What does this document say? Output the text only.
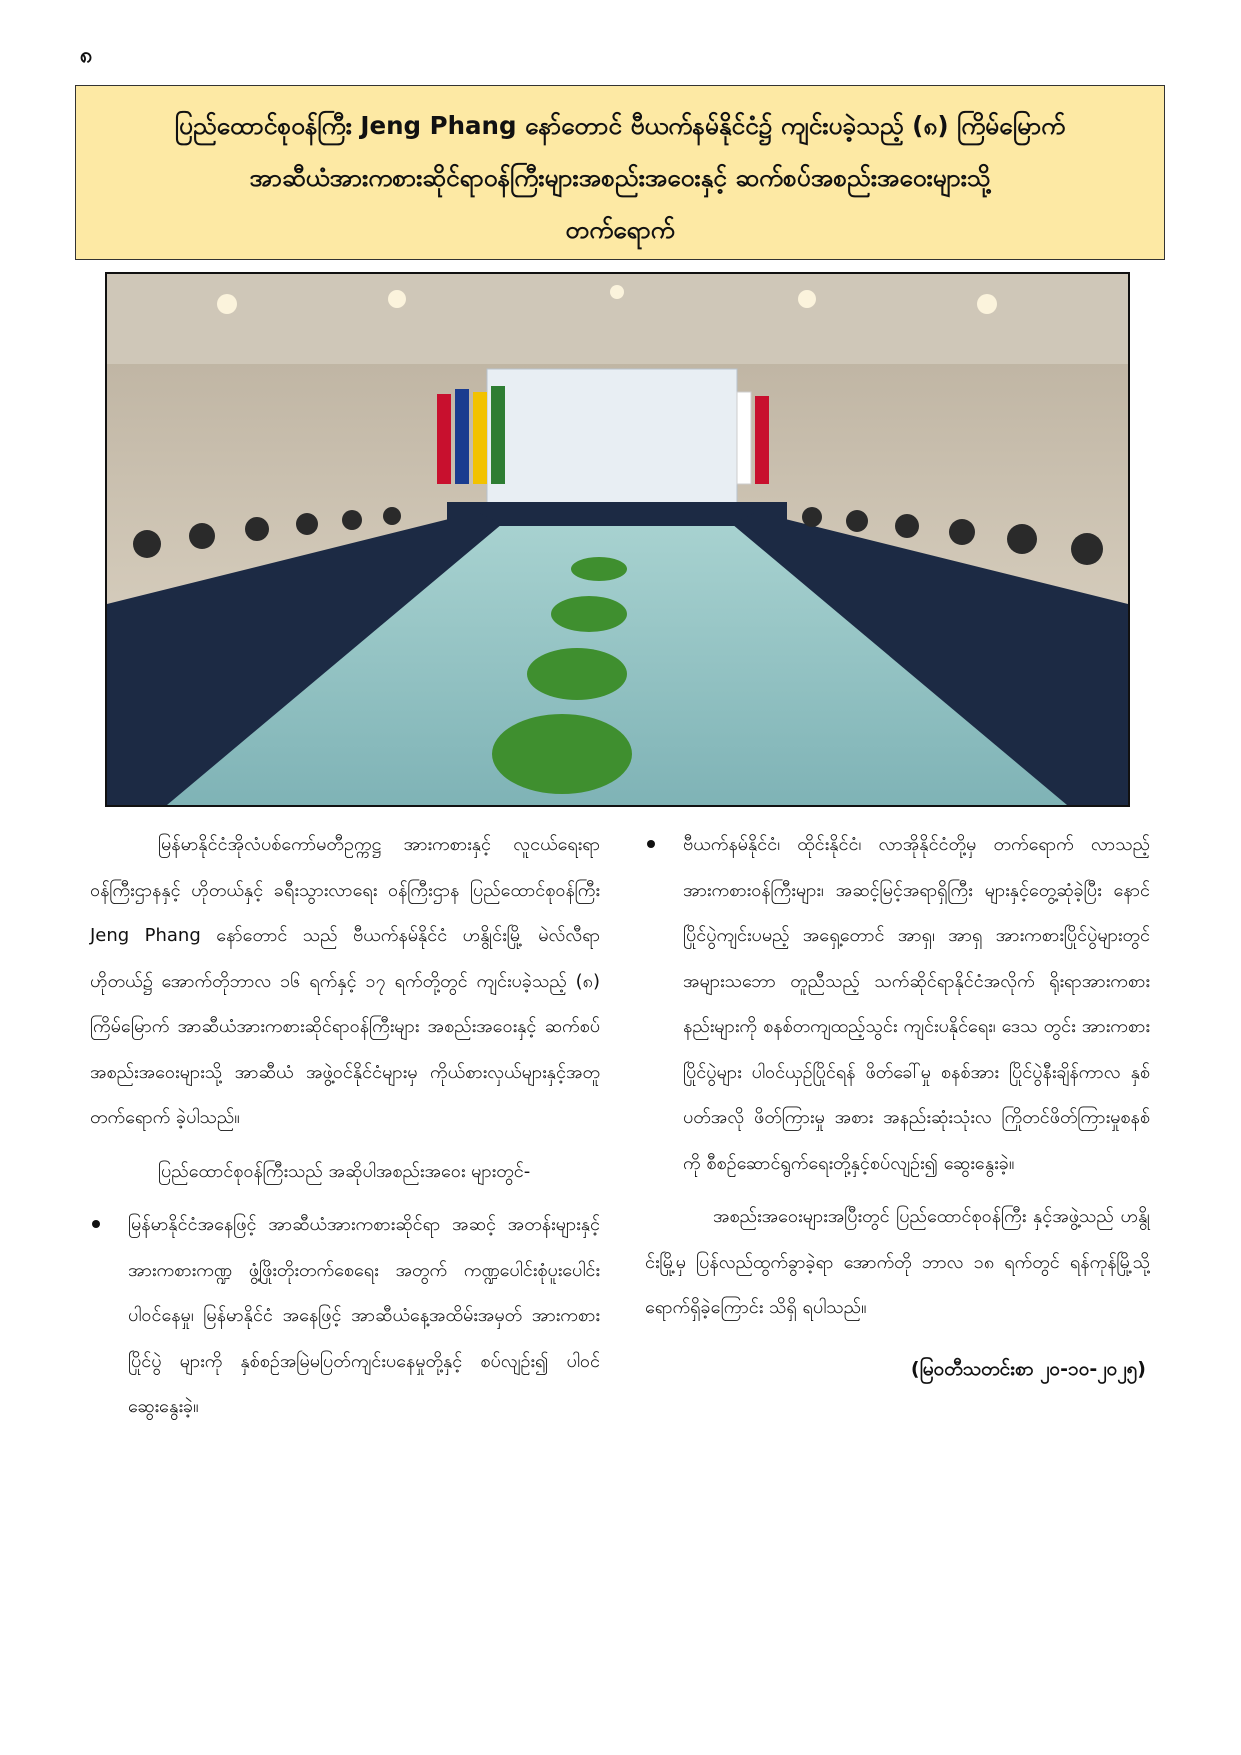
၈
ပြည်ထောင်စုဝန်ကြီး Jeng Phang နော်တောင် ဗီယက်နမ်နိုင်ငံ၌ ကျင်းပခဲ့သည့် (၈) ကြိမ်မြောက်
အာဆီယံအားကစားဆိုင်ရာဝန်ကြီးများအစည်းအဝေးနှင့် ဆက်စပ်အစည်းအဝေးများသို့
တက်ရောက်

မြန်မာနိုင်ငံအိုလံပစ်ကော်မတီဥက္ကဋ္ဌ အားကစားနှင့် လူငယ်ရေးရာဝန်ကြီးဌာနနှင့် ဟိုတယ်နှင့် ခရီးသွားလာရေး ဝန်ကြီးဌာန ပြည်ထောင်စုဝန်ကြီး Jeng Phang နော်တောင် သည် ဗီယက်နမ်နိုင်ငံ ဟနွိုင်းမြို့ မဲလ်လီရာဟိုတယ်၌ အောက်တိုဘာလ ၁၆ ရက်နှင့် ၁၇ ရက်တို့တွင် ကျင်းပခဲ့သည့် (၈) ကြိမ်မြောက် အာဆီယံအားကစားဆိုင်ရာဝန်ကြီးများ အစည်းအဝေးနှင့် ဆက်စပ်အစည်းအဝေးများသို့ အာဆီယံ အဖွဲ့ဝင်နိုင်ငံများမှ ကိုယ်စားလှယ်များနှင့်အတူ တက်ရောက် ခဲ့ပါသည်။

ပြည်ထောင်စုဝန်ကြီးသည် အဆိုပါအစည်းအဝေး များတွင်-

မြန်မာနိုင်ငံအနေဖြင့် အာဆီယံအားကစားဆိုင်ရာ အဆင့် အတန်းများနှင့် အားကစားကဏ္ဍ ဖွံ့ဖြိုးတိုးတက်စေရေး အတွက် ကဏ္ဍပေါင်းစုံပူးပေါင်းပါဝင်နေမှု၊ မြန်မာနိုင်ငံ အနေဖြင့် အာဆီယံနေ့အထိမ်းအမှတ် အားကစားပြိုင်ပွဲ များကို နှစ်စဉ်အမြဲမပြတ်ကျင်းပနေမှုတို့နှင့် စပ်လျဉ်း၍ ပါဝင်ဆွေးနွေးခဲ့။
ဗီယက်နမ်နိုင်ငံ၊ ထိုင်းနိုင်ငံ၊ လာအိုနိုင်ငံတို့မှ တက်ရောက် လာသည့် အားကစားဝန်ကြီးများ၊ အဆင့်မြင့်အရာရှိကြီး များနှင့်တွေ့ဆုံခဲ့ပြီး နောင်ပြိုင်ပွဲကျင်းပမည့် အရှေ့တောင် အာရှ၊ အာရှ အားကစားပြိုင်ပွဲများတွင် အများသဘော တူညီသည့် သက်ဆိုင်ရာနိုင်ငံအလိုက် ရိုးရာအားကစား နည်းများကို စနစ်တကျထည့်သွင်း ကျင်းပနိုင်ရေး၊ ဒေသ တွင်း အားကစားပြိုင်ပွဲများ ပါဝင်ယှဉ်ပြိုင်ရန် ဖိတ်ခေါ်မှု စနစ်အား ပြိုင်ပွဲနီးချိန်ကာလ နှစ်ပတ်အလို ဖိတ်ကြားမှု အစား အနည်းဆုံးသုံးလ ကြိုတင်ဖိတ်ကြားမှုစနစ်ကို စီစဉ်ဆောင်ရွက်ရေးတို့နှင့်စပ်လျဉ်း၍ ဆွေးနွေးခဲ့။

အစည်းအဝေးများအပြီးတွင် ပြည်ထောင်စုဝန်ကြီး နှင့်အဖွဲ့သည် ဟနွိုင်းမြို့မှ ပြန်လည်ထွက်ခွာခဲ့ရာ အောက်တို ဘာလ ၁၈ ရက်တွင် ရန်ကုန်မြို့သို့ ရောက်ရှိခဲ့ကြောင်း သိရှိ ရပါသည်။

(မြဝတီသတင်းစာ ၂၀-၁၀-၂၀၂၅)
